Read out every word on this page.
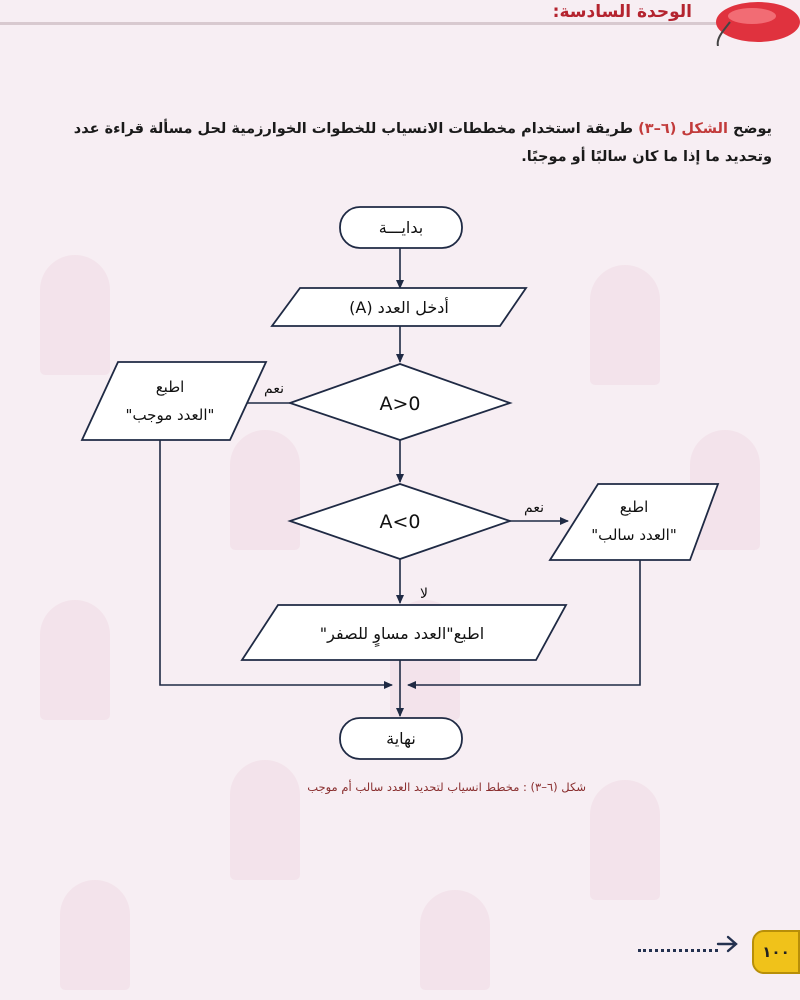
الوحدة السادسة:
يوضح الشكل (٦–٣) طريقة استخدام مخططات الانسياب للخطوات الخوارزمية لحل مسألة قراءة عدد وتحديد ما إذا ما كان سالبًا أو موجبًا.
بدايـــة
أدخل العدد (A)
A>0
A<0
نعم
نعم
لا
اطبع
"العدد موجب"
اطبع
"العدد سالب"
اطبع"العدد مساوٍ للصفر"
نهاية
شكل (٦–٣) : مخطط انسياب لتحديد العدد سالب أم موجب
١٠٠
